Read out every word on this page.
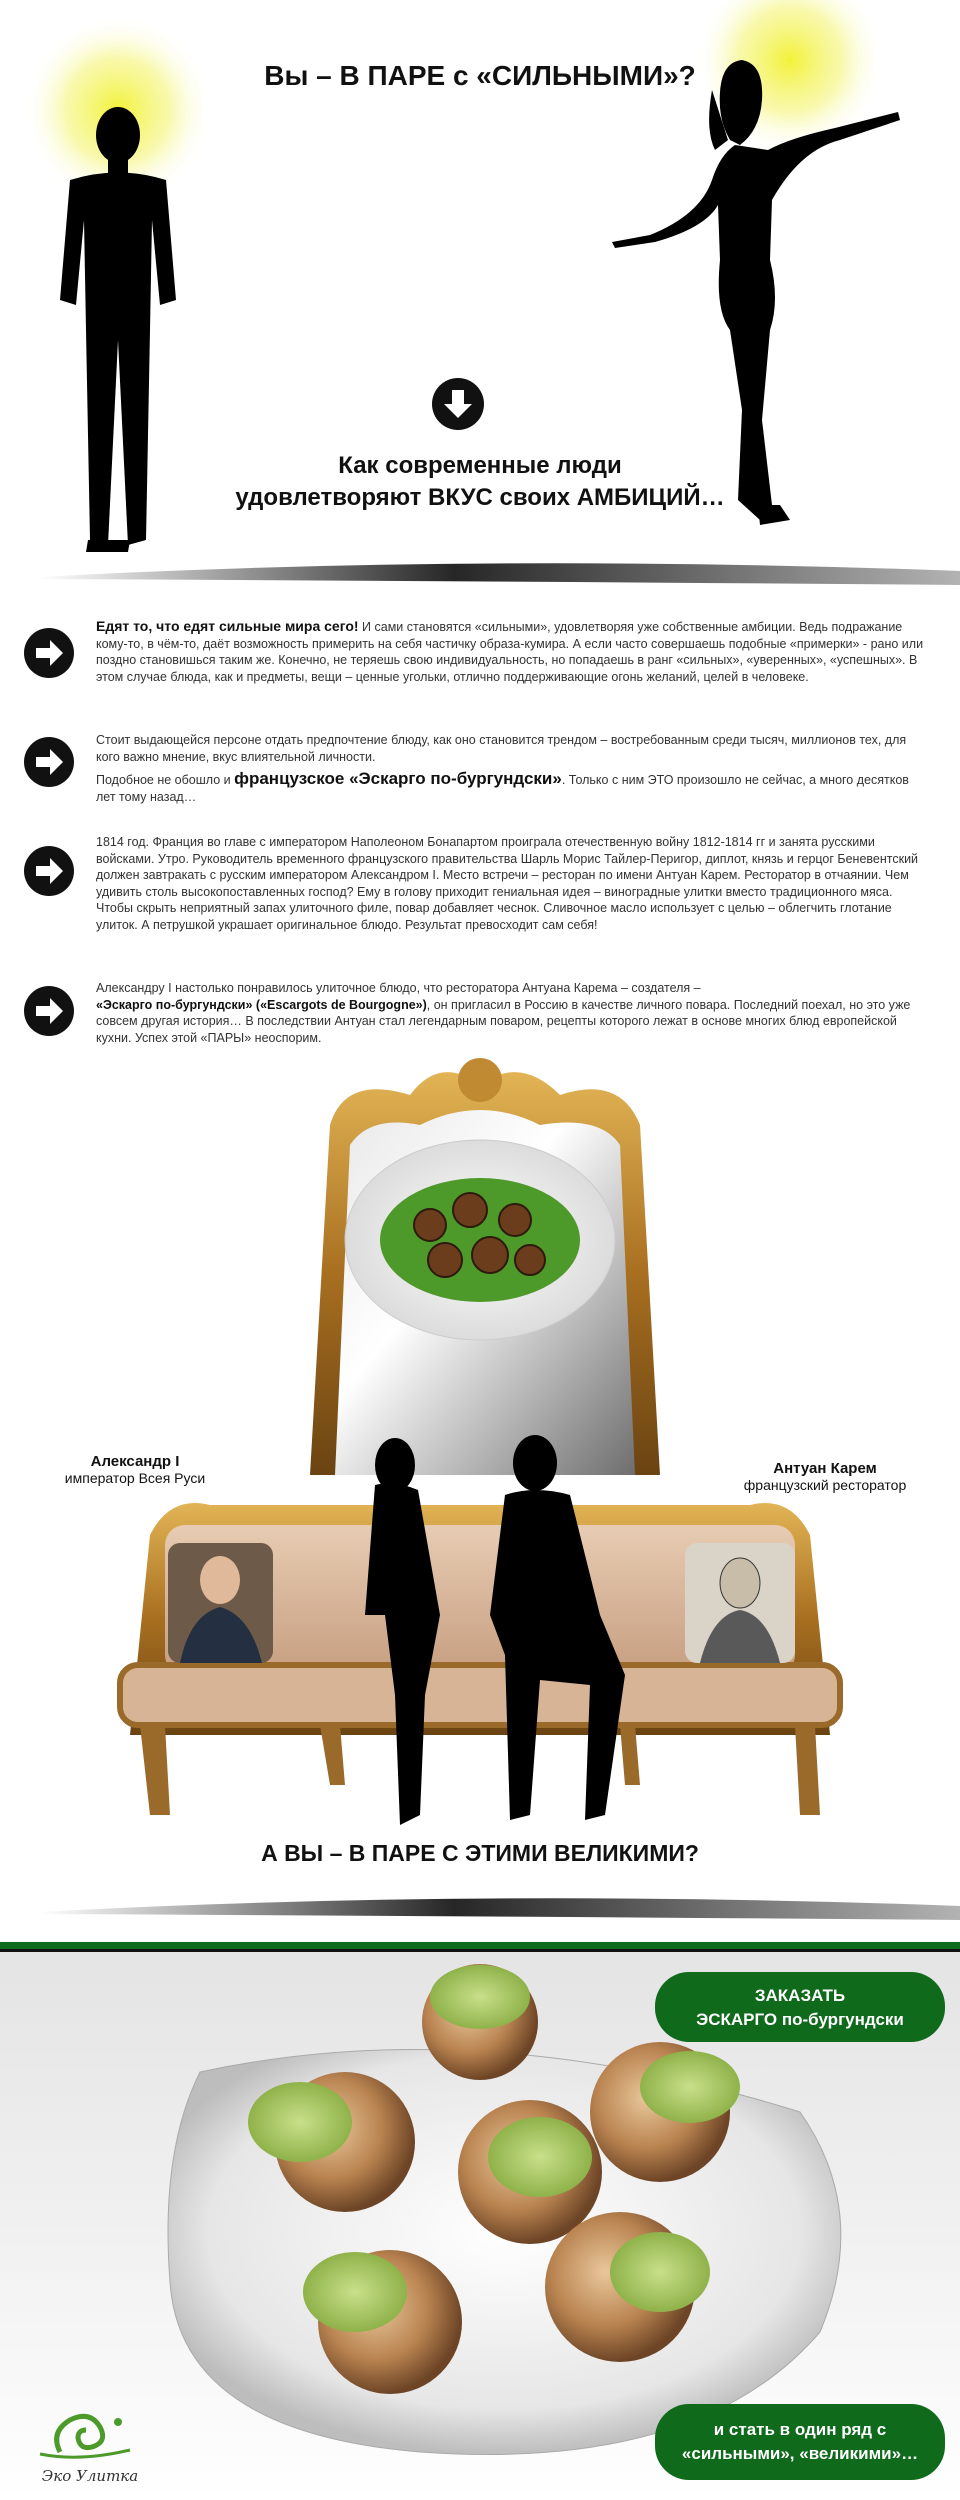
Вы – В ПАРЕ с «СИЛЬНЫМИ»?
Как современные люди
удовлетворяют ВКУС своих АМБИЦИЙ…
Едят то, что едят сильные мира сего! И сами становятся «сильными», удовлетворяя уже собственные амбиции. Ведь подражание кому-то, в чём-то, даёт возможность примерить на себя частичку образа-кумира. А если часто совершаешь подобные «примерки» - рано или поздно становишься таким же. Конечно, не теряешь свою индивидуальность, но попадаешь в ранг «сильных», «уверенных», «успешных». В этом случае блюда, как и предметы, вещи – ценные угольки, отлично поддерживающие огонь желаний, целей в человеке.
Стоит выдающейся персоне отдать предпочтение блюду, как оно становится трендом – востребованным среди тысяч, миллионов тех, для кого важно мнение, вкус влиятельной личности.
Подобное не обошло и французское «Эскарго по-бургундски». Только с ним ЭТО произошло не сейчас, а много десятков лет тому назад…
1814 год. Франция во главе с императором Наполеоном Бонапартом проиграла отечественную войну 1812-1814 гг и занята русскими войсками. Утро. Руководитель временного французского правительства Шарль Морис Тайлер-Перигор, диплот, князь и герцог Беневентский должен завтракать с русским императором Александром I. Место встречи – ресторан по имени Антуан Карем. Ресторатор в отчаянии. Чем удивить столь высокопоставленных господ? Ему в голову приходит гениальная идея – виноградные улитки вместо традиционного мяса. Чтобы скрыть неприятный запах улиточного филе, повар добавляет чеснок. Сливочное масло использует с целью – облегчить глотание улиток. А петрушкой украшает оригинальное блюдо. Результат превосходит сам себя!
Александру I настолько понравилось улиточное блюдо, что ресторатора Антуана Карема – создателя –
«Эскарго по-бургундски» («Escargots de Bourgogne»), он пригласил в Россию в качестве личного повара. Последний поехал, но это уже совсем другая история… В последствии Антуан стал легендарным поваром, рецепты которого лежат в основе многих блюд европейской кухни. Успех этой «ПАРЫ» неоспорим.
Александр I
император Всея Руси
Антуан Карем
французский ресторатор
А ВЫ – В ПАРЕ С ЭТИМИ ВЕЛИКИМИ?
ЗАКАЗАТЬ
ЭСКАРГО по-бургундски
и стать в один ряд с
«сильными», «великими»…
Эко Улитка
